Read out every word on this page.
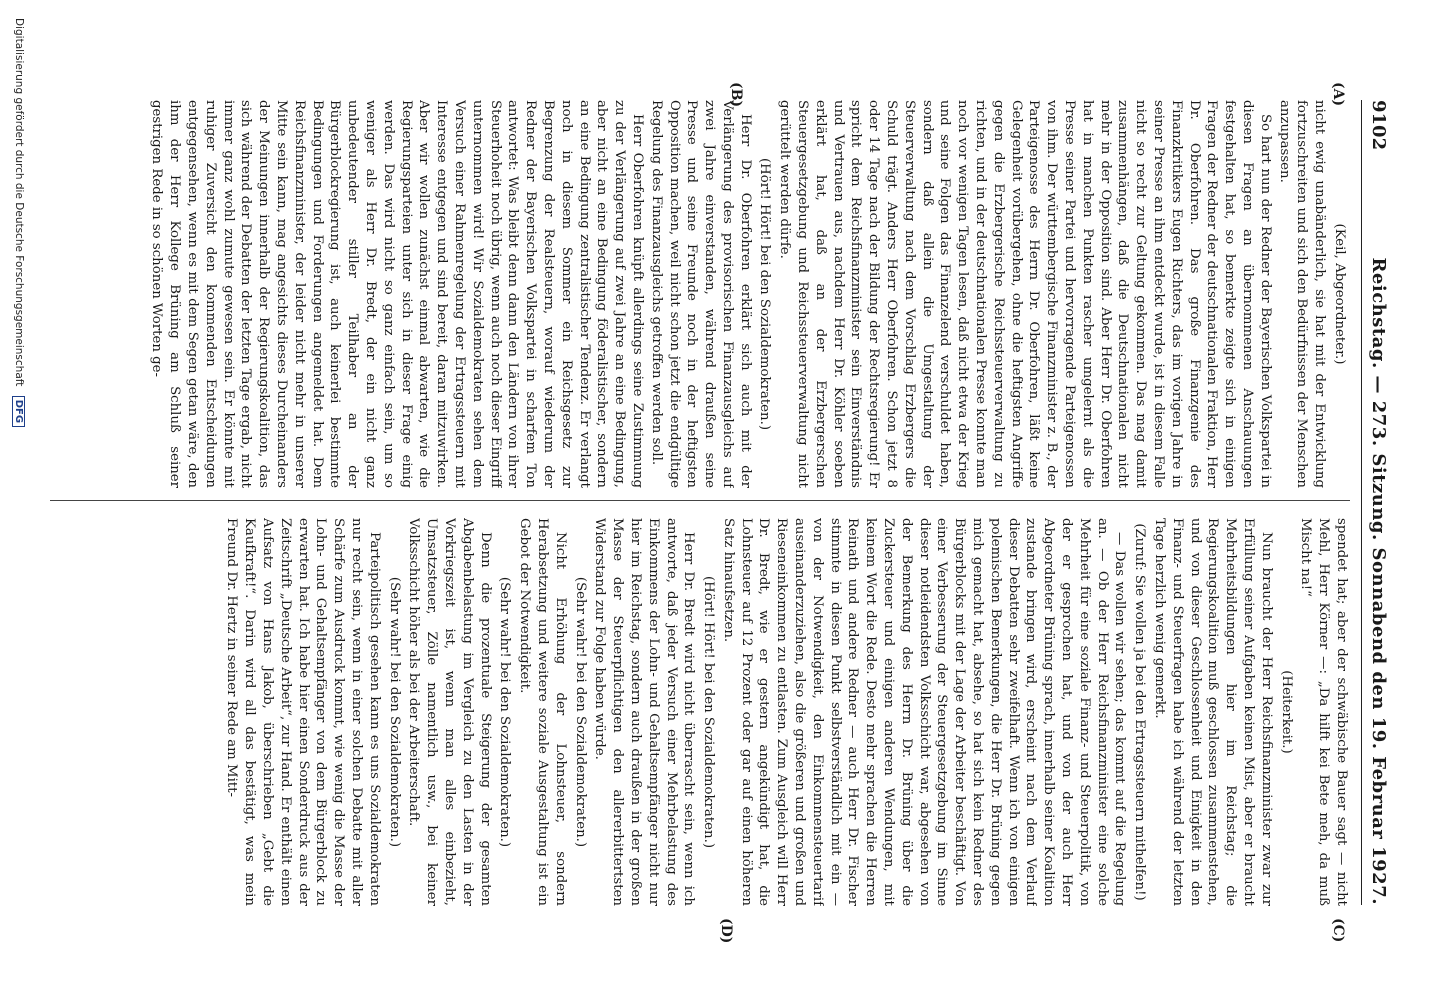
9102
Reichstag. — 273. Sitzung. Sonnabend den 19. Februar 1927.
(A)
(B)
(C)
(D)

(Keil, Abgeordneter.)

nicht ewig unabänderlich, sie hat mit der Entwicklung fortzuschreiten und sich den Bedürfnissen der Menschen anzupassen.

So hart nun der Redner der Bayerischen Volkspartei in diesen Fragen an übernommenen Anschauungen festgehalten hat, so bemerkte zeigte sich in einigen Fragen der Redner der deutschnationalen Fraktion, Herr Dr. Oberfohren. Das große Finanzgenie des Finanzkritikers Eugen Richters, das im vorigen Jahre in seiner Presse an ihm entdeckt wurde, ist in diesem Falle nicht so recht zur Geltung gekommen. Das mag damit zusammenhängen, daß die Deutschnationalen nicht mehr in der Opposition sind. Aber Herr Dr. Oberfohren hat in manchen Punkten rascher umgelernt als die Presse seiner Partei und hervorragende Parteigenossen von ihm. Der württembergische Finanzminister z. B., der Parteigenosse des Herrn Dr. Oberfohren, läßt keine Gelegenheit vorübergehen, ohne die heftigsten Angriffe gegen die Erzbergerische Reichssteuerverwaltung zu richten, und in der deutschnationalen Presse konnte man noch vor wenigen Tagen lesen, daß nicht etwa der Krieg und seine Folgen das Finanzelend verschuldet haben, sondern daß allein die Umgestaltung der Steuerverwaltung nach dem Vorschlag Erzbergers die Schuld trägt. Anders Herr Oberfohren. Schon jetzt 8 oder 14 Tage nach der Bildung der Rechtsregierung! Er spricht dem Reichsfinanzminister sein Einverständnis und Vertrauen aus, nachdem Herr Dr. Köhler soeben erklärt hat, daß an der Erzbergerschen Steuergesetzgebung und Reichssteuerverwaltung nicht gerüttelt werden dürfe.

(Hört! Hört! bei den Sozialdemokraten.)

Herr Dr. Oberfohren erklärt sich auch mit der Verlängerung des provisorischen Finanzausgleichs auf zwei Jahre einverstanden, während draußen seine Presse und seine Freunde noch in der heftigsten Opposition machen, weil nicht schon jetzt die endgültige Regelung des Finanzausgleichs getroffen werden soll.

Herr Oberfohren knüpft allerdings seine Zustimmung zu der Verlängerung auf zwei Jahre an eine Bedingung, aber nicht an eine Bedingung föderalistischer, sondern an eine Bedingung zentralistischer Tendenz. Er verlangt noch in diesem Sommer ein Reichsgesetz zur Begrenzung der Realsteuern, worauf wiederum der Redner der Bayerischen Volkspartei in scharfem Ton antwortet: Was bleibt denn dann den Ländern von ihrer Steuerhoheit noch übrig, wenn auch noch dieser Eingriff unternommen wird! Wir Sozialdemokraten sehen dem Versuch einer Rahmenregelung der Ertragssteuern mit Interesse entgegen und sind bereit, daran mitzuwirken. Aber wir wollen zunächst einmal abwarten, wie die Regierungsparteien unter sich in dieser Frage einig werden. Das wird nicht so ganz einfach sein, um so weniger als Herr Dr. Bredt, der ein nicht ganz unbedeutender stiller Teilhaber an der Bürgerblockregierung ist, auch keinerlei bestimmte Bedingungen und Forderungen angemeldet hat. Dem Reichsfinanzminister, der leider nicht mehr in unserer Mitte sein kann, mag angesichts dieses Durcheinanders der Meinungen innerhalb der Regierungskoalition, das sich während der Debatten der letzten Tage ergab, nicht immer ganz wohl zumute gewesen sein. Er könnte mit ruhiger Zuversicht den kommenden Entscheidungen entgegensehen, wenn es mit dem Segen getan wäre, den ihm der Herr Kollege Brüning am Schluß seiner gestrigen Rede in so schönen Worten ge-

spendet hat; aber der schwäbische Bauer sagt — nicht Mehl, Herr Körner —: „Da hilft kei Bete meh, da muß Mischt na!“

(Heiterkeit.)

Nun braucht der Herr Reichsfinanzminister zwar zur Erfüllung seiner Aufgaben keinen Mist, aber er braucht Mehrheitsbildungen hier im Reichstag; die Regierungskoalition muß geschlossen zusammenstehen, und von dieser Geschlossenheit und Einigkeit in den Finanz- und Steuerfragen habe ich während der letzten Tage herzlich wenig gemerkt.

(Zuruf: Sie wollen ja bei den Ertragssteuern mithelfen!)

— Das wollen wir sehen; das kommt auf die Regelung an. — Ob der Herr Reichsfinanzminister eine solche Mehrheit für eine soziale Finanz- und Steuerpolitik, von der er gesprochen hat, und von der auch Herr Abgeordneter Brüning sprach, innerhalb seiner Koalition zustande bringen wird, erscheint nach dem Verlauf dieser Debatten sehr zweifelhaft. Wenn ich von einigen polemischen Bemerkungen, die Herr Dr. Brüning gegen mich gemacht hat, absehe, so hat sich kein Redner des Bürgerblocks mit der Lage der Arbeiter beschäftigt. Von einer Verbesserung der Steuergesetzgebung im Sinne dieser notleidendsten Volksschicht war, abgesehen von der Bemerkung des Herrn Dr. Brüning über die Zuckersteuer und einigen anderen Wendungen, mit keinem Wort die Rede. Desto mehr sprachen die Herren Reinath und andere Redner — auch Herr Dr. Fischer stimmte in diesen Punkt selbstverständlich mit ein — von der Notwendigkeit, den Einkommensteuertarif auseinanderzuziehen, also die größeren und großen und Rieseneinkommen zu entlasten. Zum Ausgleich will Herr Dr. Bredt, wie er gestern angekündigt hat, die Lohnsteuer auf 12 Prozent oder gar auf einen höheren Satz hinaufsetzen.

(Hört! Hört! bei den Sozialdemokraten.)

Herr Dr. Bredt wird nicht überrascht sein, wenn ich antworte, daß jeder Versuch einer Mehrbelastung des Einkommens der Lohn- und Gehaltsempfänger nicht nur hier im Reichstag, sondern auch draußen in der großen Masse der Steuerpflichtigen den allererbittertsten Widerstand zur Folge haben würde.

(Sehr wahr! bei den Sozialdemokraten.)

Nicht Erhöhung der Lohnsteuer, sondern Herabsetzung und weitere soziale Ausgestaltung ist ein Gebot der Notwendigkeit.

(Sehr wahr! bei den Sozialdemokraten.)

Denn die prozentuale Steigerung der gesamten Abgabenbelastung im Vergleich zu den Lasten in der Vorkriegszeit ist, wenn man alles einbezieht, Umsatzsteuer, Zölle namentlich usw., bei keiner Volksschicht höher als bei der Arbeiterschaft.

(Sehr wahr! bei den Sozialdemokraten.)

Parteipolitisch gesehen kann es uns Sozialdemokraten nur recht sein, wenn in einer solchen Debatte mit aller Schärfe zum Ausdruck kommt, wie wenig die Masse der Lohn- und Gehaltsempfänger von dem Bürgerblock zu erwarten hat. Ich habe hier einen Sonderdruck aus der Zeitschrift „Deutsche Arbeit“, zur Hand. Er enthält einen Aufsatz von Hans Jakob, überschrieben „Gebt die Kaufkraft!“. Darin wird all das bestätigt, was mein Freund Dr. Hertz in seiner Rede am Mitt-

Digitalisierung gefördert durch die Deutsche Forschungsgemeinschaft DFG
